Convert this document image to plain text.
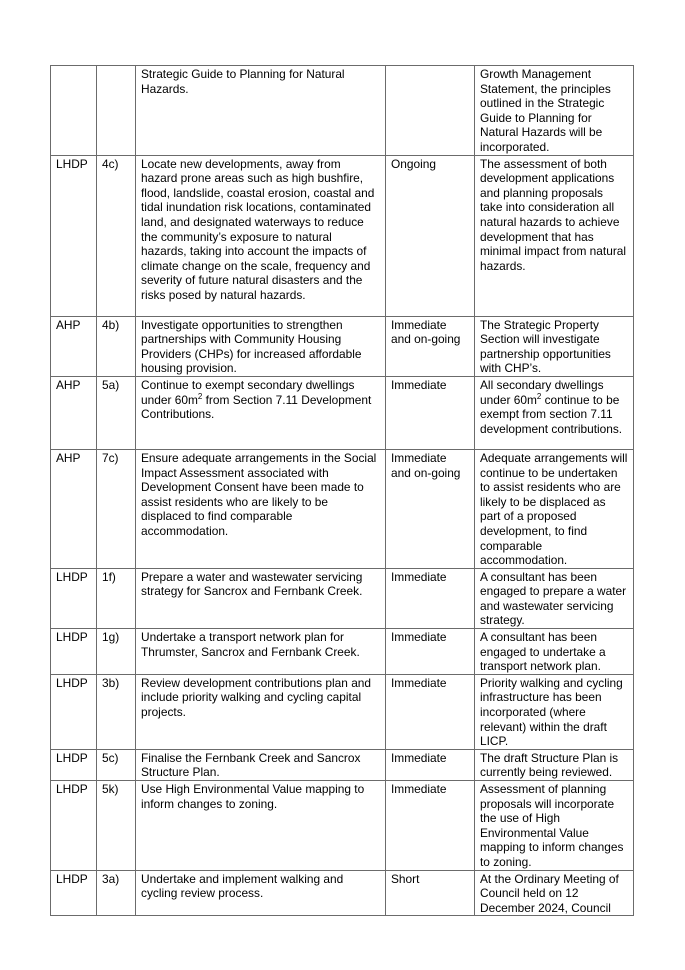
		Strategic Guide to Planning for Natural Hazards.		Growth Management Statement, the principles outlined in the Strategic Guide to Planning for Natural Hazards will be incorporated.
LHDP	4c)	Locate new developments, away from hazard prone areas such as high bushfire, flood, landslide, coastal erosion, coastal and tidal inundation risk locations, contaminated land, and designated waterways to reduce the community’s exposure to natural hazards, taking into account the impacts of climate change on the scale, frequency and severity of future natural disasters and the risks posed by natural hazards.	Ongoing	The assessment of both development applications and planning proposals take into consideration all natural hazards to achieve development that has minimal impact from natural hazards.
AHP	4b)	Investigate opportunities to strengthen partnerships with Community Housing Providers (CHPs) for increased affordable housing provision.	Immediate and on-going	The Strategic Property Section will investigate partnership opportunities with CHP’s.
AHP	5a)	Continue to exempt secondary dwellings under $60m^2$ from Section 7.11 Development Contributions.	Immediate	All secondary dwellings under $60m^2$ continue to be exempt from section 7.11 development contributions.
AHP	7c)	Ensure adequate arrangements in the Social Impact Assessment associated with Development Consent have been made to assist residents who are likely to be displaced to find comparable accommodation.	Immediate and on-going	Adequate arrangements will continue to be undertaken to assist residents who are likely to be displaced as part of a proposed development, to find comparable accommodation.
LHDP	1f)	Prepare a water and wastewater servicing strategy for Sancrox and Fernbank Creek.	Immediate	A consultant has been engaged to prepare a water and wastewater servicing strategy.
LHDP	1g)	Undertake a transport network plan for Thrumster, Sancrox and Fernbank Creek.	Immediate	A consultant has been engaged to undertake a transport network plan.
LHDP	3b)	Review development contributions plan and include priority walking and cycling capital projects.	Immediate	Priority walking and cycling infrastructure has been incorporated (where relevant) within the draft LICP.
LHDP	5c)	Finalise the Fernbank Creek and Sancrox Structure Plan.	Immediate	The draft Structure Plan is currently being reviewed.
LHDP	5k)	Use High Environmental Value mapping to inform changes to zoning.	Immediate	Assessment of planning proposals will incorporate the use of High Environmental Value mapping to inform changes to zoning.
LHDP	3a)	Undertake and implement walking and cycling review process.	Short	At the Ordinary Meeting of Council held on 12 December 2024, Council
